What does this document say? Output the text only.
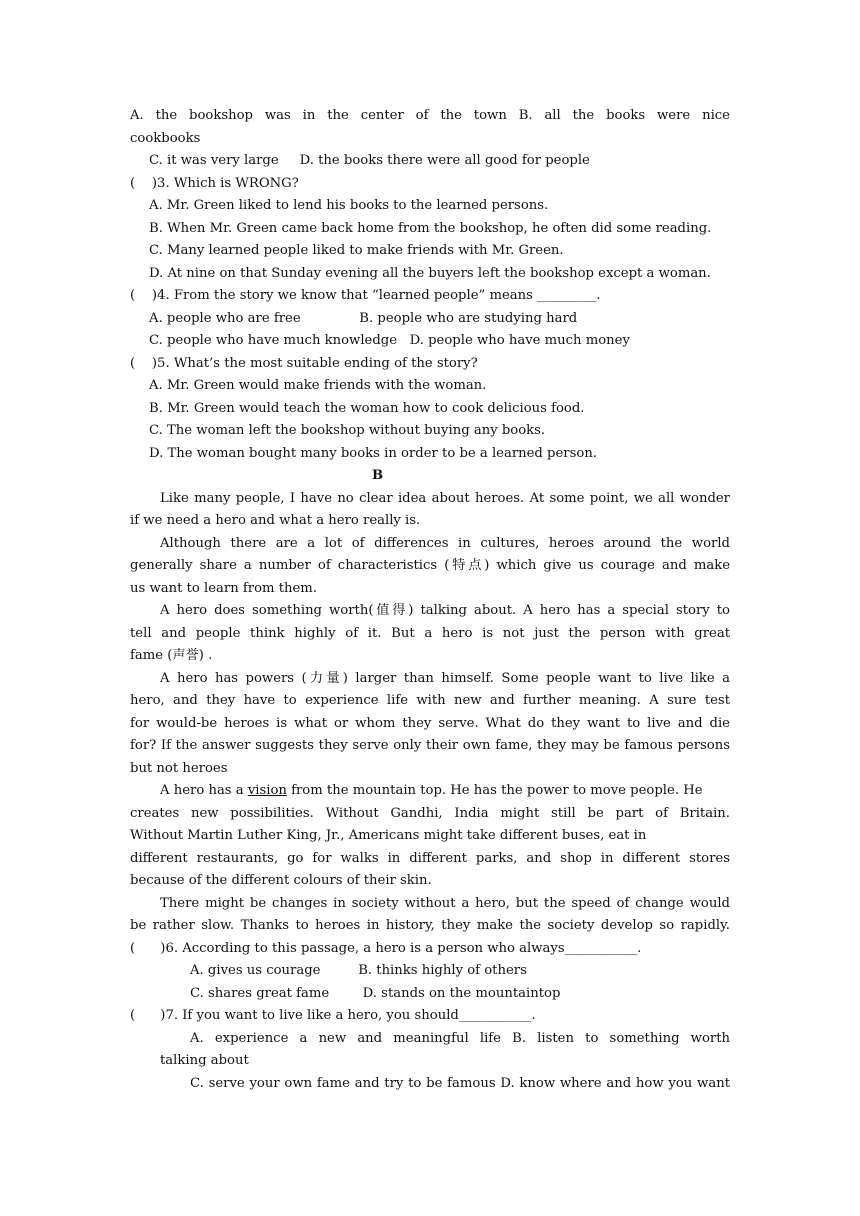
A. the bookshop was in the center of the town B. all the books were nice
cookbooks
C. it was very large     D. the books there were all good for people
(    )3. Which is WRONG?
A. Mr. Green liked to lend his books to the learned persons.
B. When Mr. Green came back home from the bookshop, he often did some reading.
C. Many learned people liked to make friends with Mr. Green.
D. At nine on that Sunday evening all the buyers left the bookshop except a woman.
(    )4. From the story we know that “learned people” means _________.
A. people who are free              B. people who are studying hard
C. people who have much knowledge   D. people who have much money
(    )5. What’s the most suitable ending of the story?
A. Mr. Green would make friends with the woman.
B. Mr. Green would teach the woman how to cook delicious food.
C. The woman left the bookshop without buying any books.
D. The woman bought many books in order to be a learned person.
B
Like many people, I have no clear idea about heroes. At some point, we all wonder
if we need a hero and what a hero really is.
Although there are a lot of differences in cultures, heroes around the world
generally share a number of characteristics (特点) which give us courage and make
us want to learn from them.
A hero does something worth(值得) talking about. A hero has a special story to
tell and people think highly of it. But a hero is not just the person with great
fame (声誉) .
A hero has powers (力量) larger than himself. Some people want to live like a
hero, and they have to experience life with new and further meaning. A sure test
for would-be heroes is what or whom they serve. What do they want to live and die
for? If the answer suggests they serve only their own fame, they may be famous persons
but not heroes
A hero has a vision from the mountain top. He has the power to move people. He
creates new possibilities. Without Gandhi, India might still be part of Britain.
Without Martin Luther King, Jr., Americans might take different buses, eat in
different restaurants, go for walks in different parks, and shop in different stores
because of the different colours of their skin.
There might be changes in society without a hero, but the speed of change would
be rather slow. Thanks to heroes in history, they make the society develop so rapidly.
(      )6. According to this passage, a hero is a person who always___________.
A. gives us courage         B. thinks highly of others
C. shares great fame        D. stands on the mountaintop
(      )7. If you want to live like a hero, you should___________.
A. experience a new and meaningful life B. listen to something worth
talking about
C. serve your own fame and try to be famous D. know where and how you want
